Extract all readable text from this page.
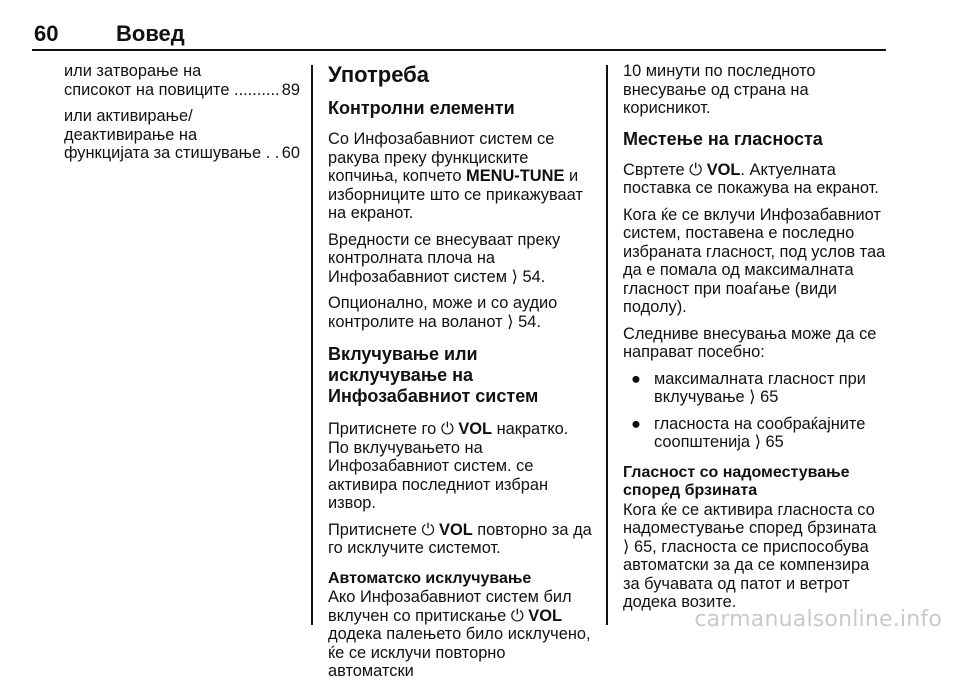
60	Вовед
или затворање на
списокот на повиците .......... 89
или активирање/
деактивирање на
функцијата за стишување . . 60
Употреба
Контролни елементи

Со Инфозабавниот систем се ракува преку функциските копчиња, копчето MENU-TUNE и изборниците што се прикажуваат на екранот.

Вредности се внесуваат преку контролната плоча на Инфозабавниот систем ⟩ 54.

Опционално, може и со аудио контролите на воланот ⟩ 54.

Вклучување или исклучување на Инфозабавниот систем

Притиснете го ⏻ VOL накратко. По вклучувањето на Инфозабавниот систем. се активира последниот избран извор.

Притиснете ⏻ VOL повторно за да го исклучите системот.

Автоматско исклучување

Ако Инфозабавниот систем бил вклучен со притискање ⏻ VOL додека палењето било исклучено, ќе се исклучи повторно автоматски

10 минути по последното внесување од страна на корисникот.

Местење на гласноста

Свртете ⏻ VOL. Актуелната поставка се покажува на екранот.

Кога ќе се вклучи Инфозабавниот систем, поставена е последно избраната гласност, под услов таа да е помала од максималната гласност при поаѓање (види подолу).

Следниве внесувања може да се направат посебно:

● максималната гласност при вклучување ⟩ 65
● гласноста на сообраќајните соопштенија ⟩ 65
Гласност со надоместување според брзината

Кога ќе се активира гласноста со надоместување според брзината ⟩ 65, гласноста се приспособува автоматски за да се компензира за бучавата од патот и ветрот додека возите.

carmanualsonline.info
